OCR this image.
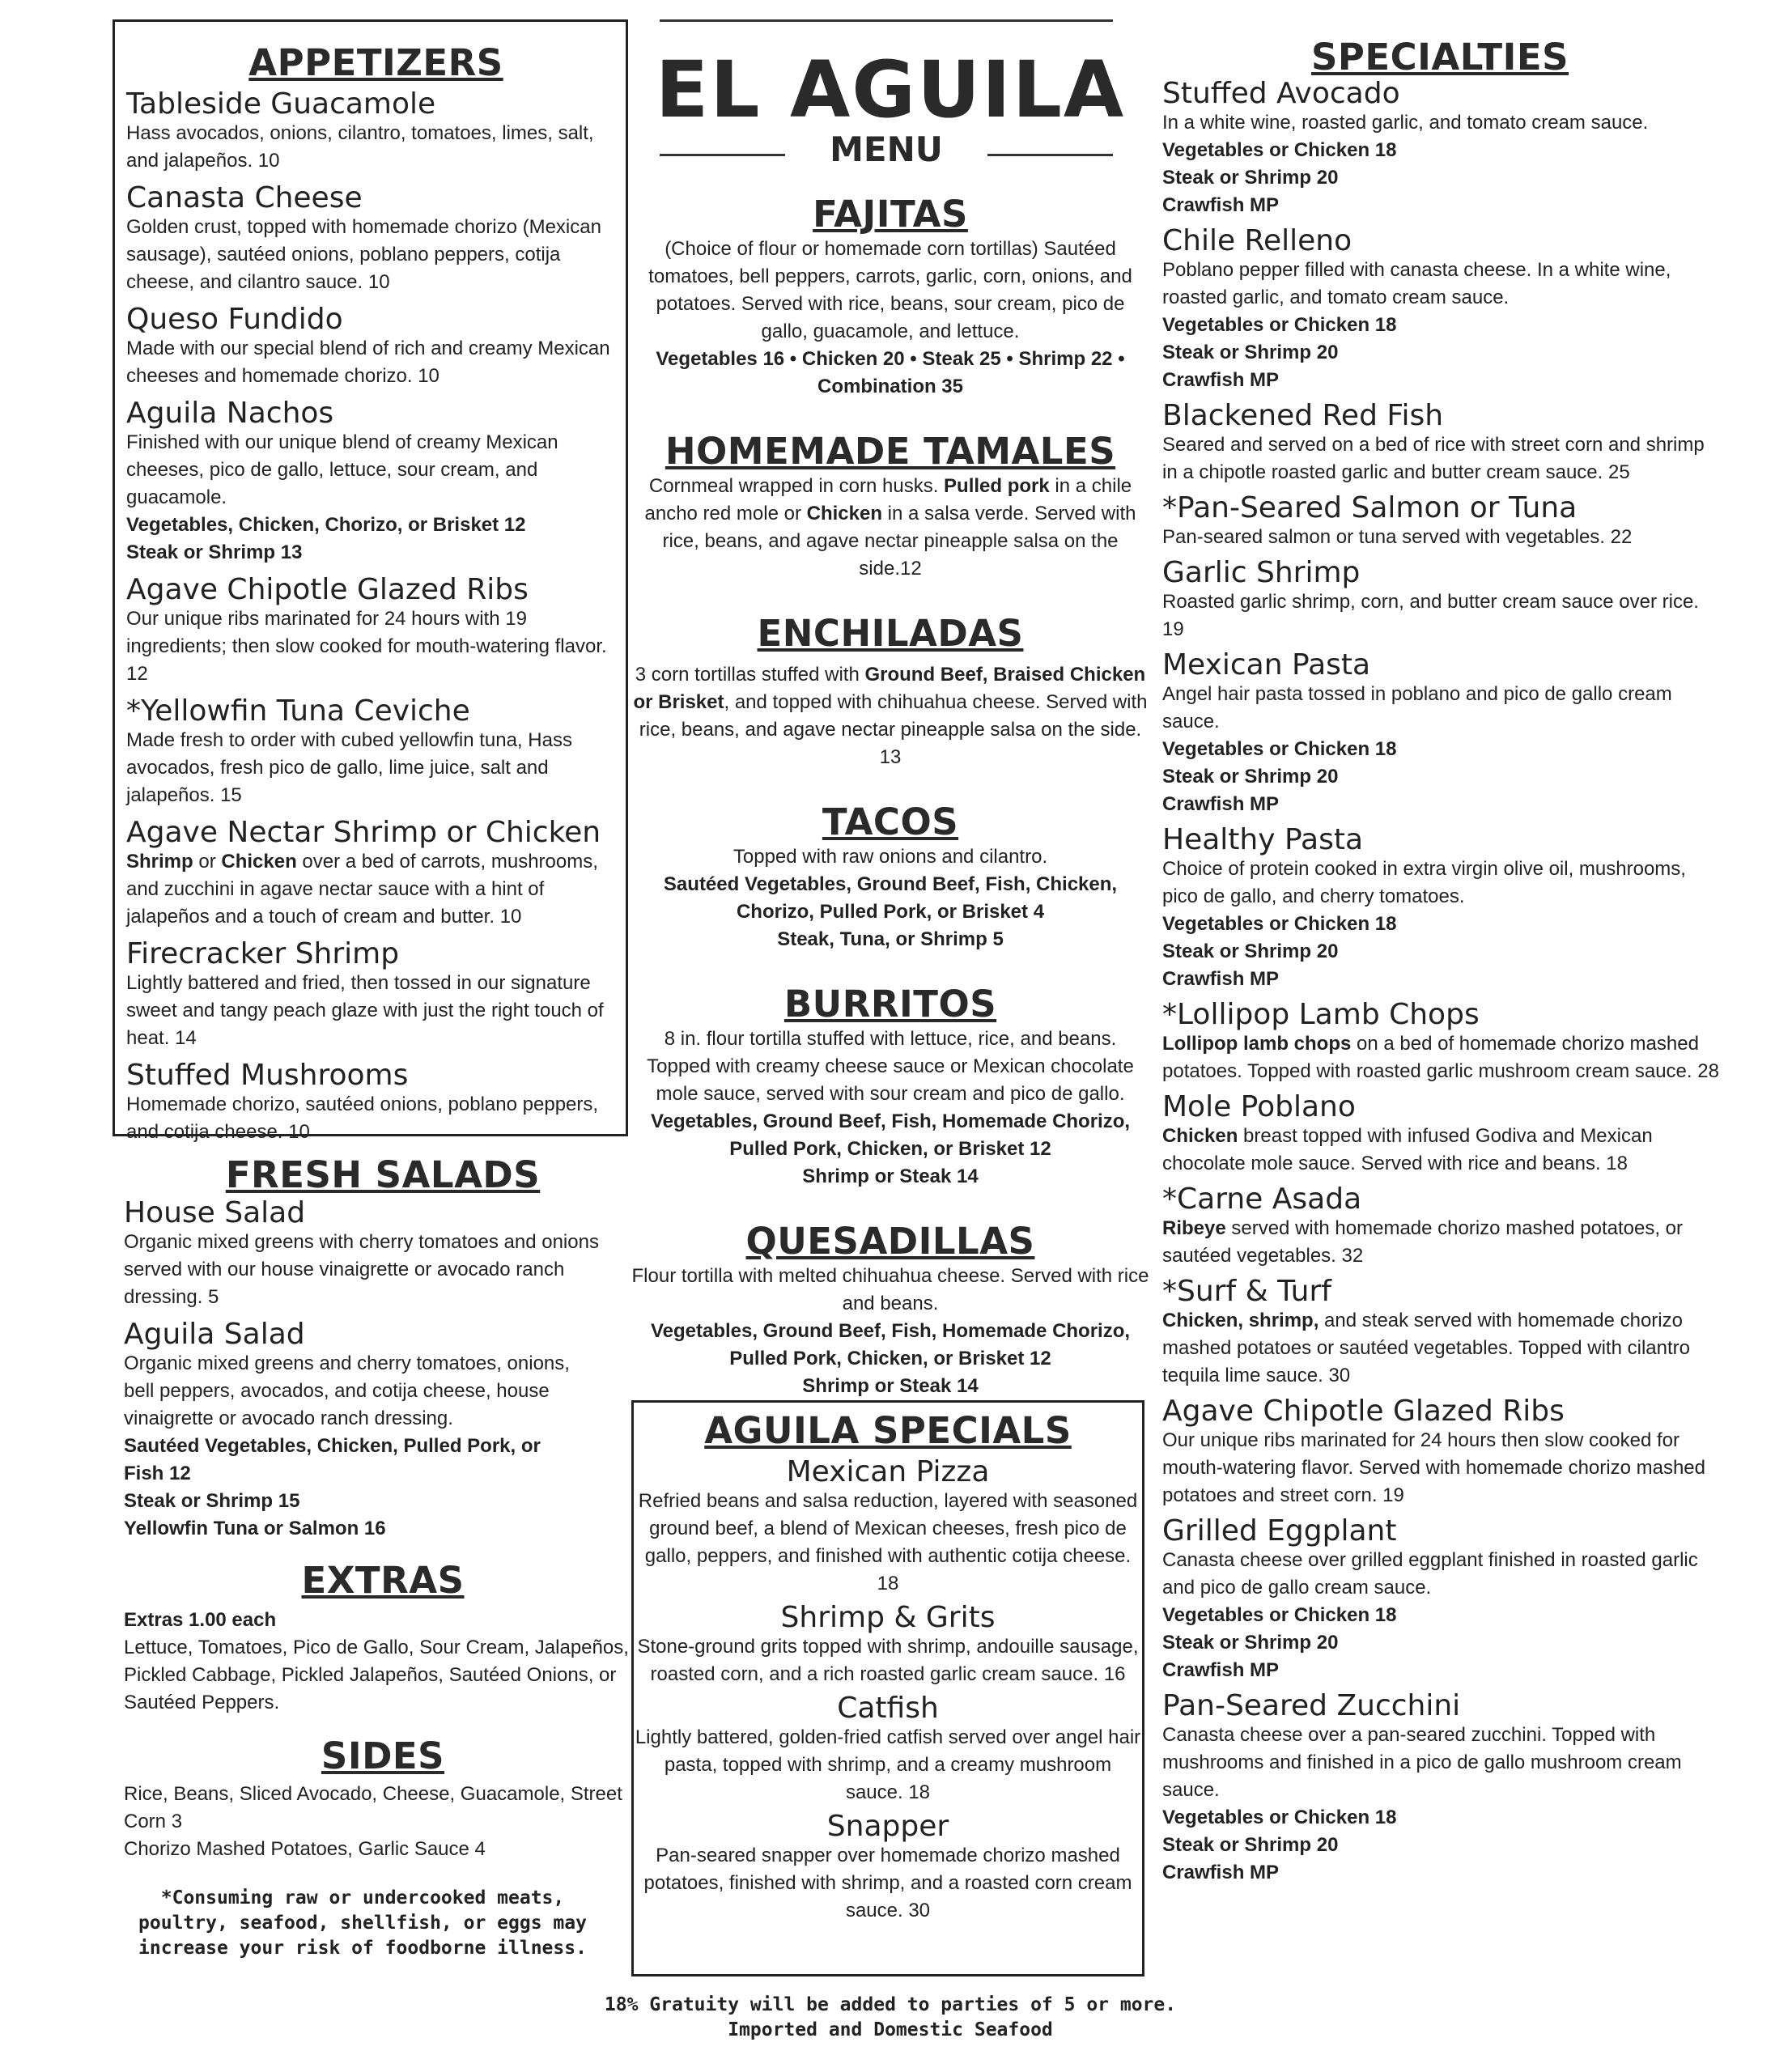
APPETIZERS

Tableside Guacamole

Hass avocados, onions, cilantro, tomatoes, limes, salt, and jalapeños. 10

Canasta Cheese

Golden crust, topped with homemade chorizo (Mexican sausage), sautéed onions, poblano peppers, cotija cheese, and cilantro sauce. 10

Queso Fundido

Made with our special blend of rich and creamy Mexican cheeses and homemade chorizo. 10

Aguila Nachos

Finished with our unique blend of creamy Mexican cheeses, pico de gallo, lettuce, sour cream, and guacamole.

Vegetables, Chicken, Chorizo, or Brisket 12

Steak or Shrimp 13

Agave Chipotle Glazed Ribs

Our unique ribs marinated for 24 hours with 19 ingredients; then slow cooked for mouth-watering flavor. 12

*Yellowfin Tuna Ceviche

Made fresh to order with cubed yellowfin tuna, Hass avocados, fresh pico de gallo, lime juice, salt and jalapeños. 15

Agave Nectar Shrimp or Chicken

Shrimp or Chicken over a bed of carrots, mushrooms, and zucchini in agave nectar sauce with a hint of jalapeños and a touch of cream and butter. 10

Firecracker Shrimp

Lightly battered and fried, then tossed in our signature sweet and tangy peach glaze with just the right touch of heat. 14

Stuffed Mushrooms

Homemade chorizo, sautéed onions, poblano peppers, and cotija cheese. 10

FRESH SALADS

House Salad

Organic mixed greens with cherry tomatoes and onions served with our house vinaigrette or avocado ranch dressing. 5

Aguila Salad

Organic mixed greens and cherry tomatoes, onions, bell peppers, avocados, and cotija cheese, house vinaigrette or avocado ranch dressing.

Sautéed Vegetables, Chicken, Pulled Pork, or Fish 12

Steak or Shrimp 15

Yellowfin Tuna or Salmon 16

EXTRAS

Extras 1.00 each

Lettuce, Tomatoes, Pico de Gallo, Sour Cream, Jalapeños, Pickled Cabbage, Pickled Jalapeños, Sautéed Onions, or Sautéed Peppers.

SIDES

Rice, Beans, Sliced Avocado, Cheese, Guacamole, Street Corn 3

Chorizo Mashed Potatoes, Garlic Sauce 4

*Consuming raw or undercooked meats, poultry, seafood, shellfish, or eggs may increase your risk of foodborne illness.
EL AGUILA
MENU
FAJITAS

(Choice of flour or homemade corn tortillas) Sautéed tomatoes, bell peppers, carrots, garlic, corn, onions, and potatoes. Served with rice, beans, sour cream, pico de gallo, guacamole, and lettuce.

Vegetables 16 • Chicken 20 • Steak 25 • Shrimp 22 • Combination 35

HOMEMADE TAMALES

Cornmeal wrapped in corn husks. Pulled pork in a chile ancho red mole or Chicken in a salsa verde. Served with rice, beans, and agave nectar pineapple salsa on the side.12

ENCHILADAS

3 corn tortillas stuffed with Ground Beef, Braised Chicken or Brisket, and topped with chihuahua cheese. Served with rice, beans, and agave nectar pineapple salsa on the side. 13

TACOS

Topped with raw onions and cilantro.

Sautéed Vegetables, Ground Beef, Fish, Chicken, Chorizo, Pulled Pork, or Brisket 4

Steak, Tuna, or Shrimp 5

BURRITOS

8 in. flour tortilla stuffed with lettuce, rice, and beans. Topped with creamy cheese sauce or Mexican chocolate mole sauce, served with sour cream and pico de gallo.

Vegetables, Ground Beef, Fish, Homemade Chorizo, Pulled Pork, Chicken, or Brisket 12

Shrimp or Steak 14

QUESADILLAS

Flour tortilla with melted chihuahua cheese. Served with rice and beans.

Vegetables, Ground Beef, Fish, Homemade Chorizo, Pulled Pork, Chicken, or Brisket 12

Shrimp or Steak 14

AGUILA SPECIALS

Mexican Pizza

Refried beans and salsa reduction, layered with seasoned ground beef, a blend of Mexican cheeses, fresh pico de gallo, peppers, and finished with authentic cotija cheese. 18

Shrimp & Grits

Stone-ground grits topped with shrimp, andouille sausage, roasted corn, and a rich roasted garlic cream sauce. 16

Catfish

Lightly battered, golden-fried catfish served over angel hair pasta, topped with shrimp, and a creamy mushroom sauce. 18

Snapper

Pan-seared snapper over homemade chorizo mashed potatoes, finished with shrimp, and a roasted corn cream sauce. 30

18% Gratuity will be added to parties of 5 or more.
Imported and Domestic Seafood
SPECIALTIES

Stuffed Avocado

In a white wine, roasted garlic, and tomato cream sauce.

Vegetables or Chicken 18

Steak or Shrimp 20

Crawfish MP

Chile Relleno

Poblano pepper filled with canasta cheese. In a white wine, roasted garlic, and tomato cream sauce.

Vegetables or Chicken 18

Steak or Shrimp 20

Crawfish MP

Blackened Red Fish

Seared and served on a bed of rice with street corn and shrimp in a chipotle roasted garlic and butter cream sauce. 25

*Pan-Seared Salmon or Tuna

Pan-seared salmon or tuna served with vegetables. 22

Garlic Shrimp

Roasted garlic shrimp, corn, and butter cream sauce over rice. 19

Mexican Pasta

Angel hair pasta tossed in poblano and pico de gallo cream sauce.

Vegetables or Chicken 18

Steak or Shrimp 20

Crawfish MP

Healthy Pasta

Choice of protein cooked in extra virgin olive oil, mushrooms, pico de gallo, and cherry tomatoes.

Vegetables or Chicken 18

Steak or Shrimp 20

Crawfish MP

*Lollipop Lamb Chops

Lollipop lamb chops on a bed of homemade chorizo mashed potatoes. Topped with roasted garlic mushroom cream sauce. 28

Mole Poblano

Chicken breast topped with infused Godiva and Mexican chocolate mole sauce. Served with rice and beans. 18

*Carne Asada

Ribeye served with homemade chorizo mashed potatoes, or sautéed vegetables. 32

*Surf & Turf

Chicken, shrimp, and steak served with homemade chorizo mashed potatoes or sautéed vegetables. Topped with cilantro tequila lime sauce. 30

Agave Chipotle Glazed Ribs

Our unique ribs marinated for 24 hours then slow cooked for mouth-watering flavor. Served with homemade chorizo mashed potatoes and street corn. 19

Grilled Eggplant

Canasta cheese over grilled eggplant finished in roasted garlic and pico de gallo cream sauce.

Vegetables or Chicken 18

Steak or Shrimp 20

Crawfish MP

Pan-Seared Zucchini

Canasta cheese over a pan-seared zucchini. Topped with mushrooms and finished in a pico de gallo mushroom cream sauce.

Vegetables or Chicken 18

Steak or Shrimp 20

Crawfish MP
